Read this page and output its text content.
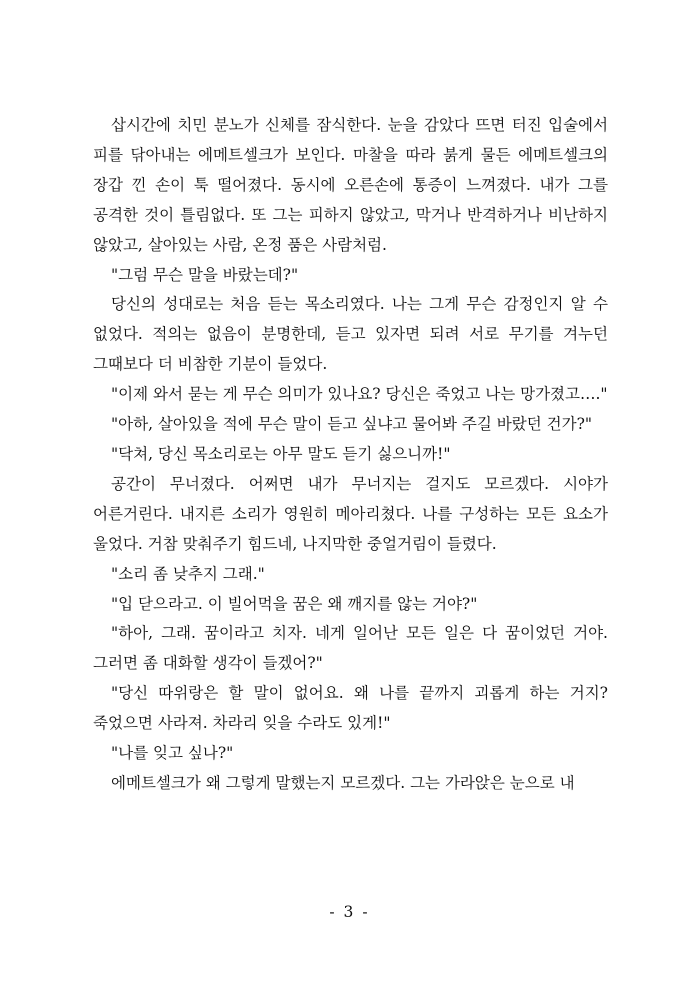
삽시간에 치민 분노가 신체를 잠식한다. 눈을 감았다 뜨면 터진 입술에서 피를 닦아내는 에메트셀크가 보인다. 마찰을 따라 붉게 물든 에메트셀크의 장갑 낀 손이 툭 떨어졌다. 동시에 오른손에 통증이 느껴졌다. 내가 그를 공격한 것이 틀림없다. 또 그는 피하지 않았고, 막거나 반격하거나 비난하지 않았고, 살아있는 사람, 온정 품은 사람처럼.

"그럼 무슨 말을 바랐는데?"

당신의 성대로는 처음 듣는 목소리였다. 나는 그게 무슨 감정인지 알 수 없었다. 적의는 없음이 분명한데, 듣고 있자면 되려 서로 무기를 겨누던 그때보다 더 비참한 기분이 들었다.

"이제 와서 묻는 게 무슨 의미가 있나요? 당신은 죽었고 나는 망가졌고…."

"아하, 살아있을 적에 무슨 말이 듣고 싶냐고 물어봐 주길 바랐던 건가?"

"닥쳐, 당신 목소리로는 아무 말도 듣기 싫으니까!"

공간이 무너졌다. 어쩌면 내가 무너지는 걸지도 모르겠다. 시야가 어른거린다. 내지른 소리가 영원히 메아리쳤다. 나를 구성하는 모든 요소가 울었다. 거참 맞춰주기 힘드네, 나지막한 중얼거림이 들렸다.

"소리 좀 낮추지 그래."

"입 닫으라고. 이 빌어먹을 꿈은 왜 깨지를 않는 거야?"

"하아, 그래. 꿈이라고 치자. 네게 일어난 모든 일은 다 꿈이었던 거야. 그러면 좀 대화할 생각이 들겠어?"

"당신 따위랑은 할 말이 없어요. 왜 나를 끝까지 괴롭게 하는 거지? 죽었으면 사라져. 차라리 잊을 수라도 있게!"

"나를 잊고 싶나?"

에메트셀크가 왜 그렇게 말했는지 모르겠다. 그는 가라앉은 눈으로 내

- 3 -
